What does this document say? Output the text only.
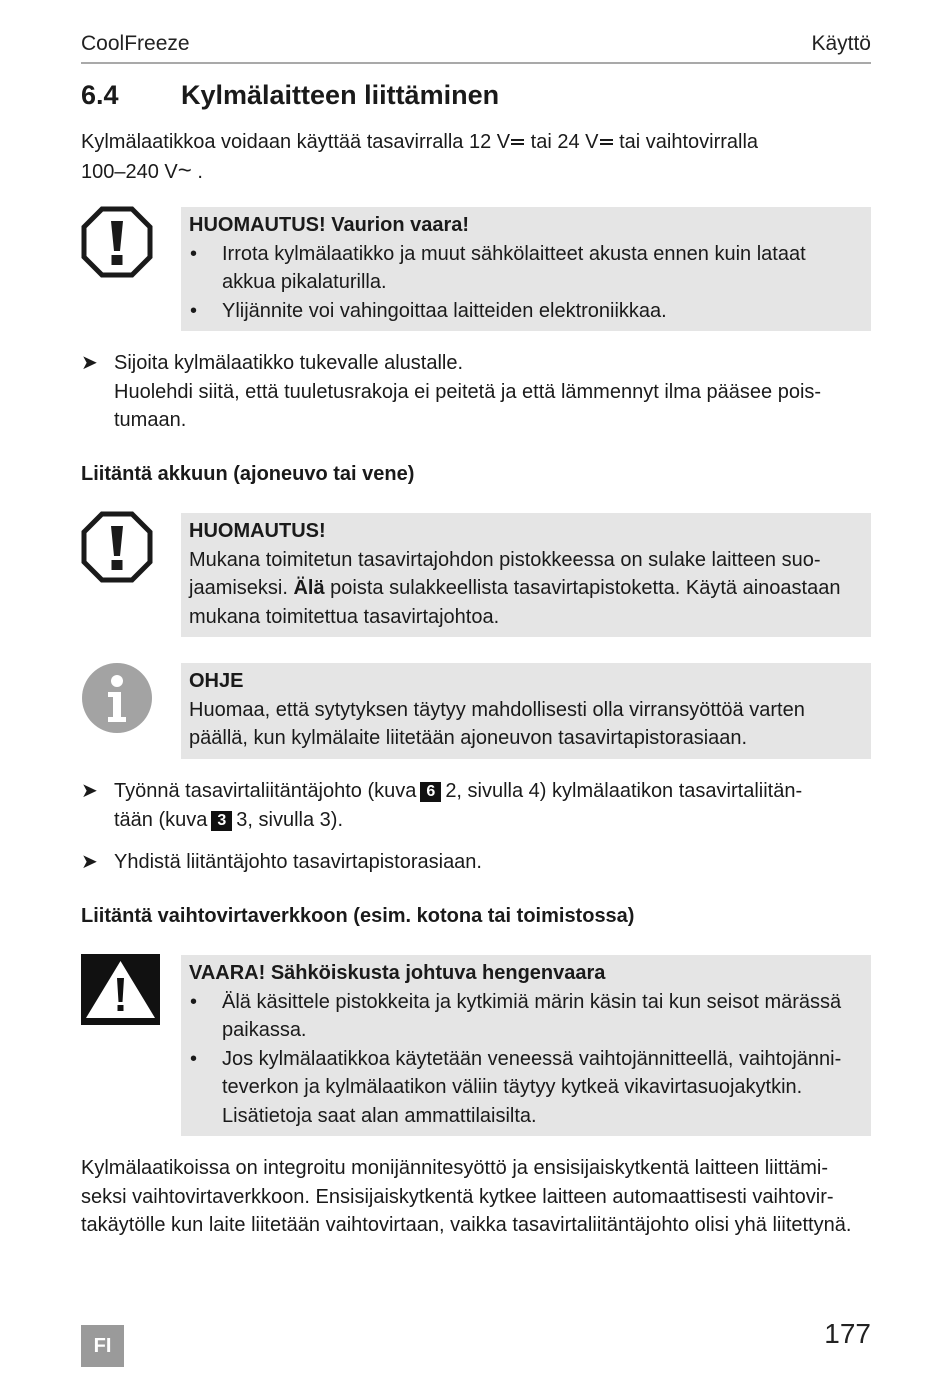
CoolFreeze	Käyttö
6.4 Kylmälaitteen liittäminen
Kylmälaatikkoa voidaan käyttää tasavirralla 12 V
tai 24 V
tai vaihtovirralla
100–240 V~ .
HUOMAUTUS! Vaurion vaara!
• Irrota kylmälaatikko ja muut sähkölaitteet akusta ennen kuin lataat akkua pikalaturilla.
• Ylijännite voi vahingoittaa laitteiden elektroniikkaa.
➤ Sijoita kylmälaatikko tukevalle alustalle.
Huolehdi siitä, että tuuletusrakoja ei peitetä ja että lämmennyt ilma pääsee pois-tumaan.
Liitäntä akkuun (ajoneuvo tai vene)
HUOMAUTUS!
Mukana toimitetun tasavirtajohdon pistokkeessa on sulake laitteen suo-jaamiseksi. Älä poista sulakkeellista tasavirtapistoketta. Käytä ainoastaan mukana toimitettua tasavirtajohtoa.
OHJE
Huomaa, että sytytyksen täytyy mahdollisesti olla virransyöttöä varten päällä, kun kylmälaite liitetään ajoneuvon tasavirtapistorasiaan.
➤ Työnnä tasavirtaliitäntäjohto (kuva 6 2, sivulla 4) kylmälaatikon tasavirtaliitän-
tään (kuva 3 3, sivulla 3).
➤ Yhdistä liitäntäjohto tasavirtapistorasiaan.
Liitäntä vaihtovirtaverkkoon (esim. kotona tai toimistossa)
VAARA! Sähköiskusta johtuva hengenvaara
• Älä käsittele pistokkeita ja kytkimiä märin käsin tai kun seisot märässä paikassa.
• Jos kylmälaatikkoa käytetään veneessä vaihtojännitteellä, vaihtojänni-teverkon ja kylmälaatikon väliin täytyy kytkeä vikavirtasuojakytkin. Lisätietoja saat alan ammattilaisilta.
Kylmälaatikoissa on integroitu monijännitesyöttö ja ensisijaiskytkentä laitteen liittämi-seksi vaihtovirtaverkkoon. Ensisijaiskytkentä kytkee laitteen automaattisesti vaihtovir-takäytölle kun laite liitetään vaihtovirtaan, vaikka tasavirtaliitäntäjohto olisi yhä liitettynä.
FI	177
